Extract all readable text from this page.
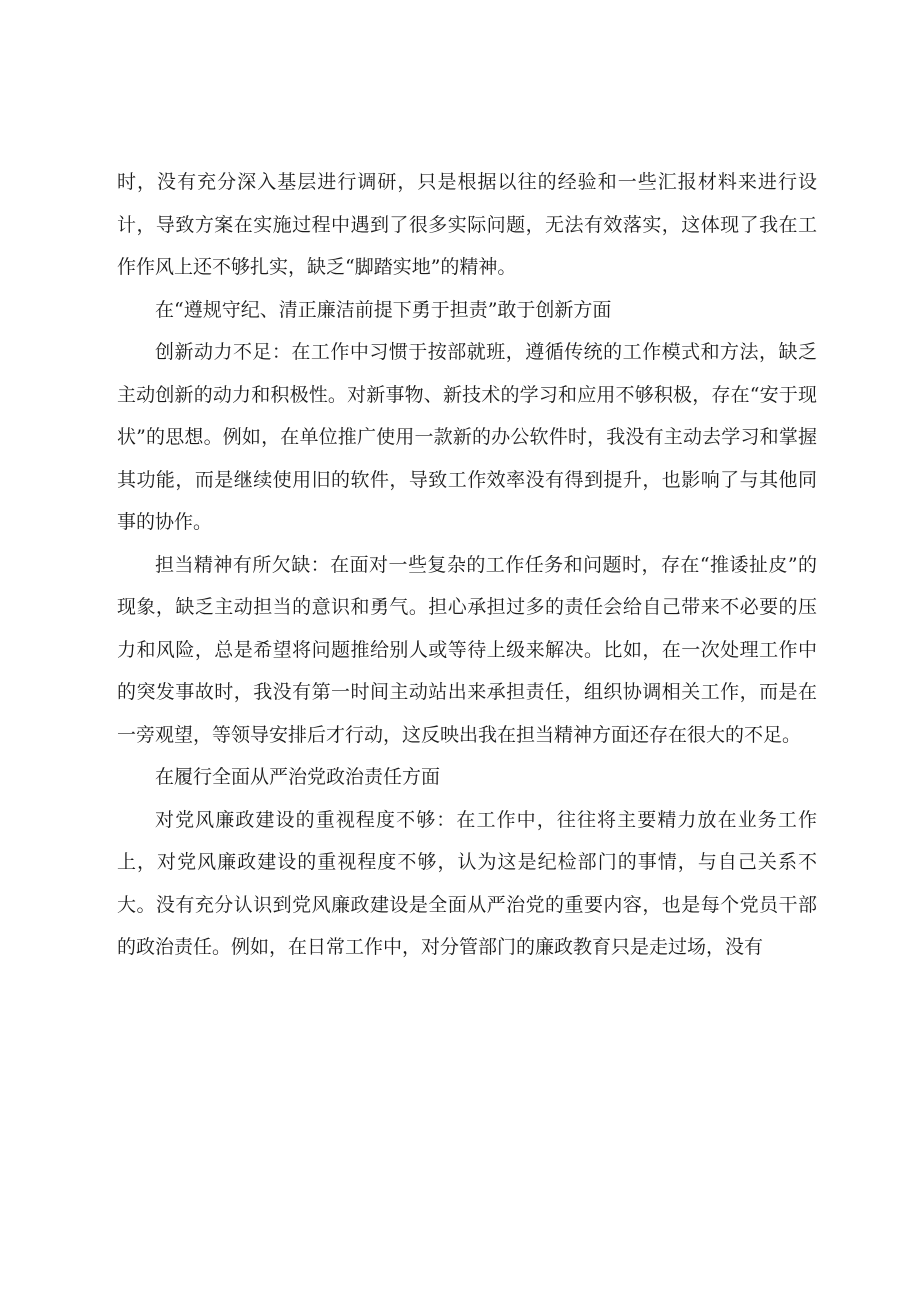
时，没有充分深入基层进行调研，只是根据以往的经验和一些汇报材料来进行设计，导致方案在实施过程中遇到了很多实际问题，无法有效落实，这体现了我在工作作风上还不够扎实，缺乏“脚踏实地”的精神。

在“遵规守纪、清正廉洁前提下勇于担责”敢于创新方面

创新动力不足：在工作中习惯于按部就班，遵循传统的工作模式和方法，缺乏主动创新的动力和积极性。对新事物、新技术的学习和应用不够积极，存在“安于现状”的思想。例如，在单位推广使用一款新的办公软件时，我没有主动去学习和掌握其功能，而是继续使用旧的软件，导致工作效率没有得到提升，也影响了与其他同事的协作。

担当精神有所欠缺：在面对一些复杂的工作任务和问题时，存在“推诿扯皮”的现象，缺乏主动担当的意识和勇气。担心承担过多的责任会给自己带来不必要的压力和风险，总是希望将问题推给别人或等待上级来解决。比如，在一次处理工作中的突发事故时，我没有第一时间主动站出来承担责任，组织协调相关工作，而是在一旁观望，等领导安排后才行动，这反映出我在担当精神方面还存在很大的不足。

在履行全面从严治党政治责任方面

对党风廉政建设的重视程度不够：在工作中，往往将主要精力放在业务工作上，对党风廉政建设的重视程度不够，认为这是纪检部门的事情，与自己关系不大。没有充分认识到党风廉政建设是全面从严治党的重要内容，也是每个党员干部的政治责任。例如，在日常工作中，对分管部门的廉政教育只是走过场，没有
